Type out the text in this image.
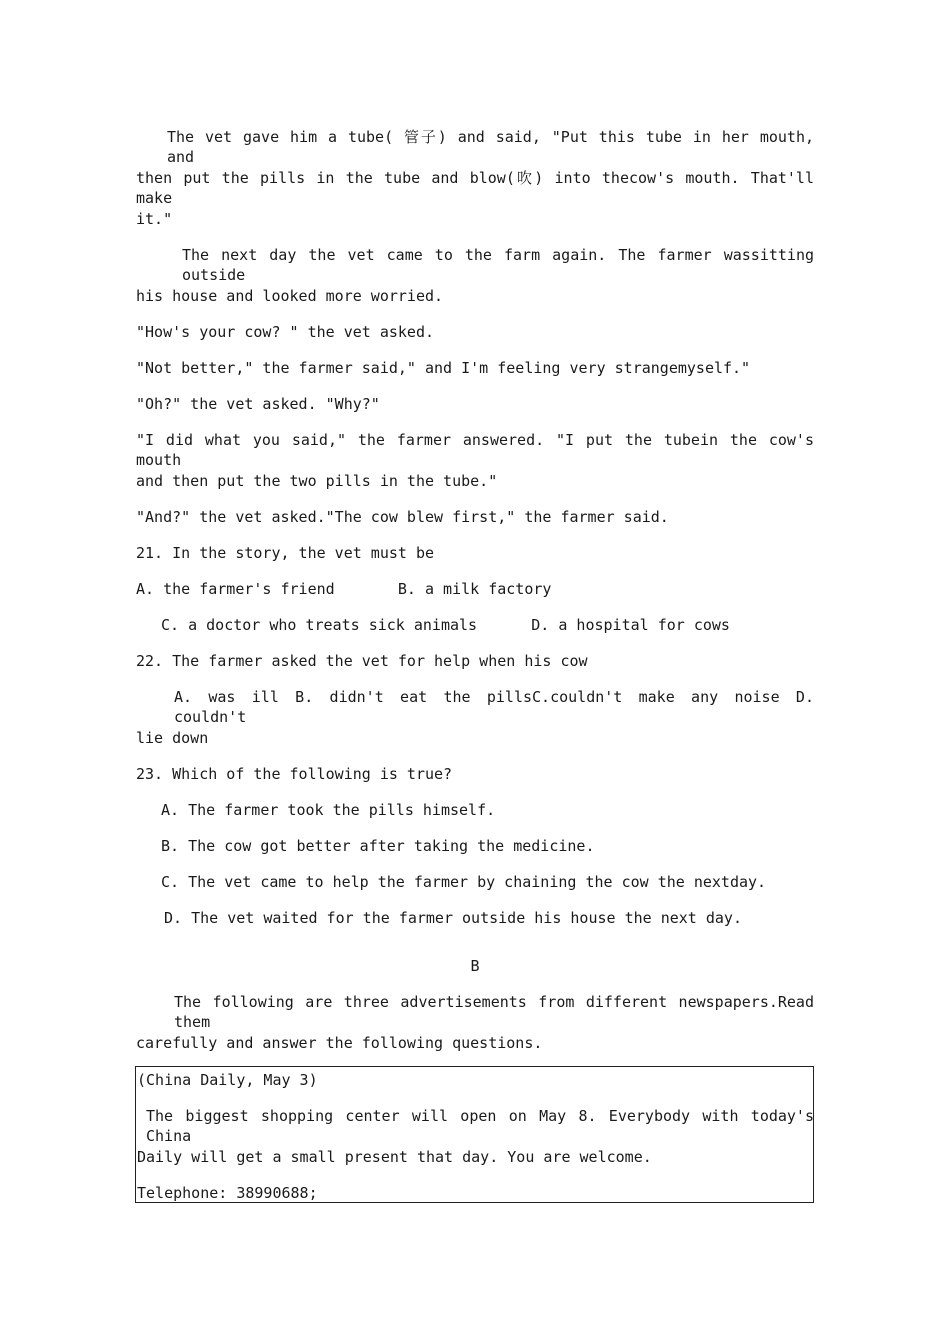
The vet gave him a tube( 管子) and said, "Put this tube in her mouth, and
then put the pills in the tube and blow(吹) into thecow's mouth. That'll make
it."
The next day the vet came to the farm again. The farmer wassitting outside
his house and looked more worried.
"How's your cow? " the vet asked.
"Not better," the farmer said," and I'm feeling very strangemyself."
"Oh?" the vet asked. "Why?"
"I did what you said," the farmer answered. "I put the tubein the cow's mouth
and then put the two pills in the tube."
"And?" the vet asked."The cow blew first," the farmer said.
21. In the story, the vet must be
A. the farmer's friend       B. a milk factory
C. a doctor who treats sick animals      D. a hospital for cows
22. The farmer asked the vet for help when his cow
A. was ill B. didn't eat the pillsC.couldn't make any noise D. couldn't
lie down
23. Which of the following is true?
A. The farmer took the pills himself.
B. The cow got better after taking the medicine.
C. The vet came to help the farmer by chaining the cow the nextday.
D. The vet waited for the farmer outside his house the next day.
B
The following are three advertisements from different newspapers.Read them
carefully and answer the following questions.
(China Daily, May 3)
The biggest shopping center will open on May 8. Everybody with today's China
Daily will get a small present that day. You are welcome.
Telephone: 38990688;
